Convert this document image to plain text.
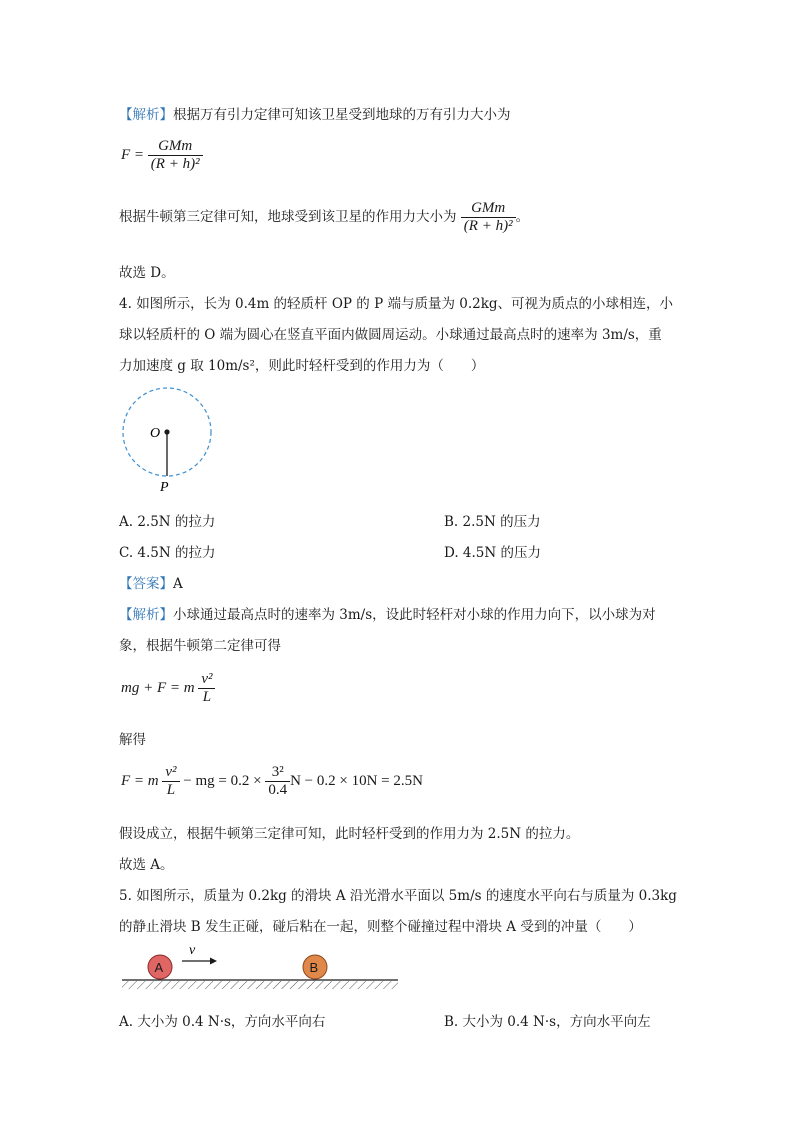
【解析】根据万有引力定律可知该卫星受到地球的万有引力大小为
$F = \frac{\text{GMm}}{\text{(R + h)²}}$
根据牛顿第三定律可知，地球受到该卫星的作用力大小为 $\frac{\text{GMm}}{\text{(R + h)²}}$ 。
故选 D。
4. 如图所示，长为 0.4m 的轻质杆 OP 的 P 端与质量为 0.2kg、可视为质点的小球相连，小
球以轻质杆的 O 端为圆心在竖直平面内做圆周运动。小球通过最高点时的速率为 3m/s，重
力加速度 g 取 10m/s²，则此时轻杆受到的作用力为（　　）
O
P
A. 2.5N 的拉力	B. 2.5N 的压力
C. 4.5N 的拉力	D. 4.5N 的压力
【答案】A
【解析】小球通过最高点时的速率为 3m/s，设此时轻杆对小球的作用力向下，以小球为对
象，根据牛顿第二定律可得
mg + F = m $\frac{\text{v²}}{L}$
解得
F = m $\frac{\text{v²}}{L}$ − mg = $0.2 \times \frac{\text{3²}}{0.4}$ N − 0.2 × 10N = 2.5N
假设成立，根据牛顿第三定律可知，此时轻杆受到的作用力为 2.5N 的拉力。
故选 A。
5. 如图所示，质量为 0.2kg 的滑块 A 沿光滑水平面以 5m/s 的速度水平向右与质量为 0.3kg
的静止滑块 B 发生正碰，碰后粘在一起，则整个碰撞过程中滑块 A 受到的冲量（　　）
A	B
v
A. 大小为 0.4 N·s，方向水平向右	B. 大小为 0.4 N·s，方向水平向左
